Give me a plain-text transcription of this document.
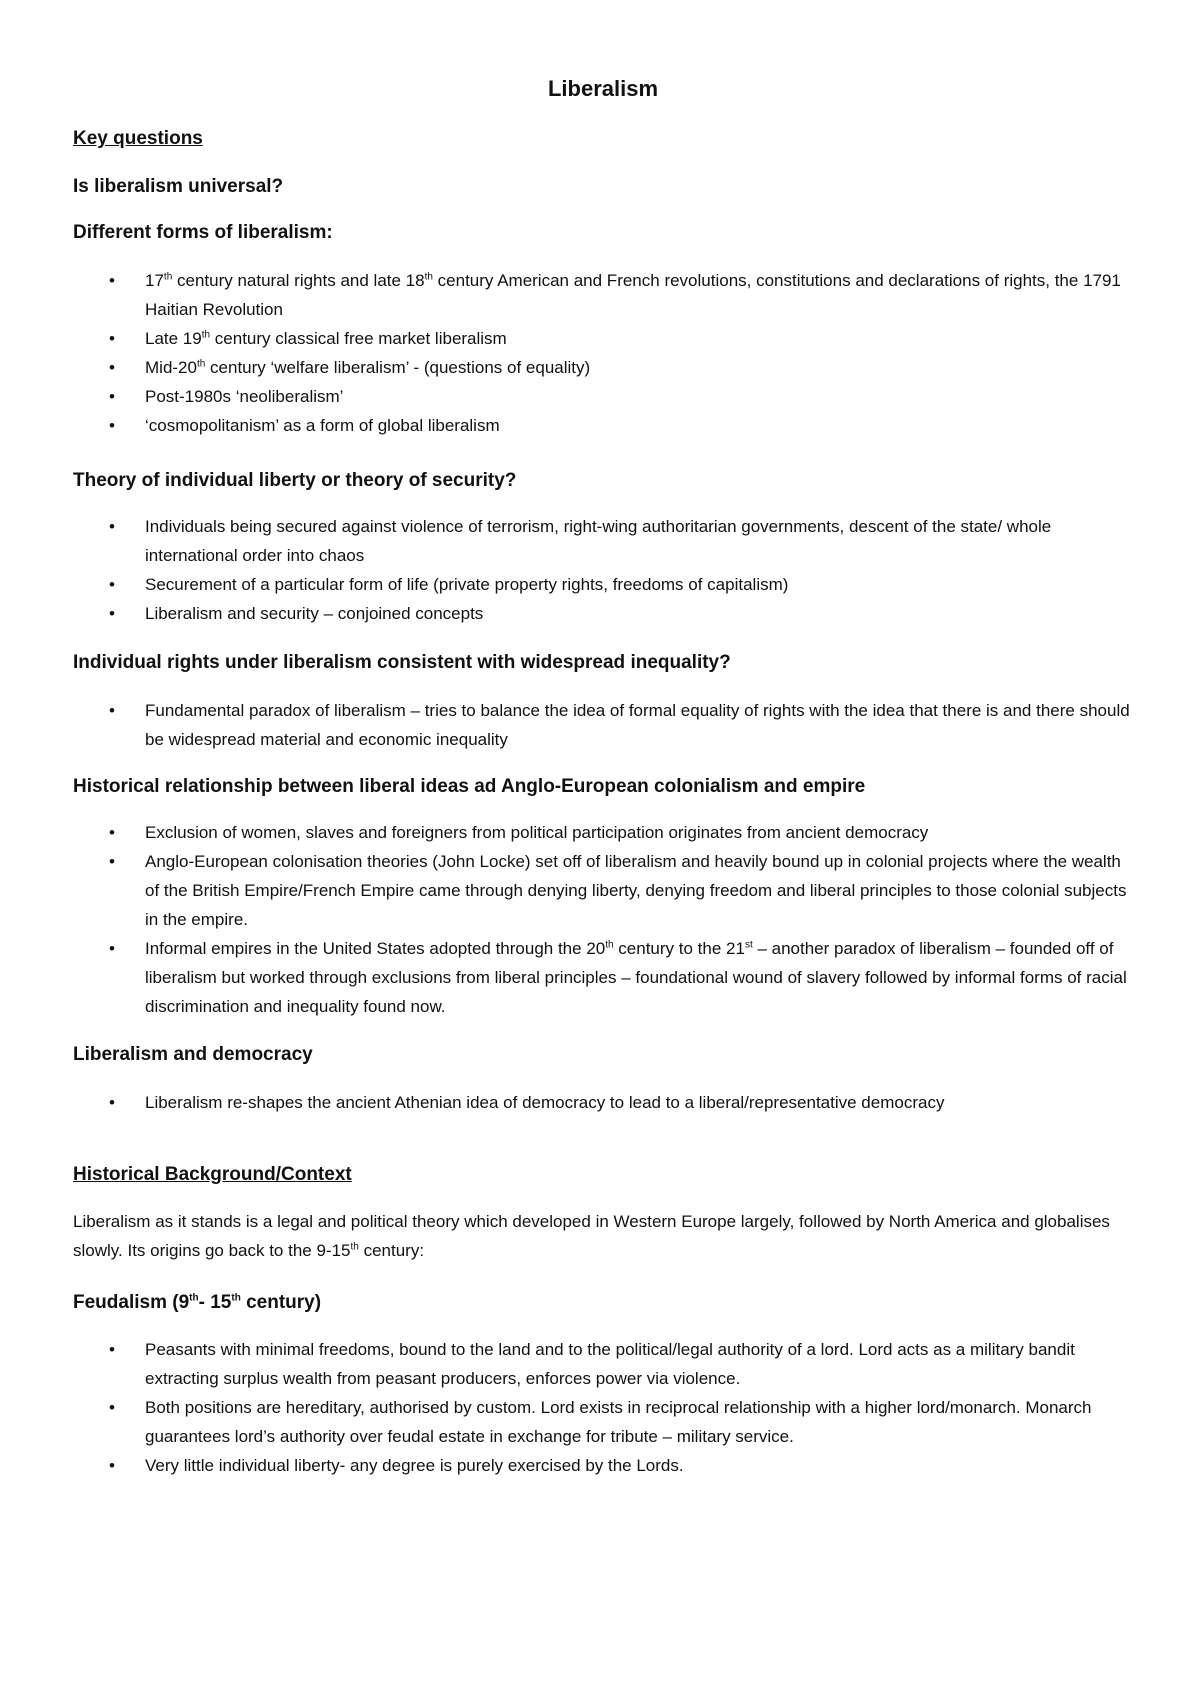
Liberalism
Key questions
Is liberalism universal?
Different forms of liberalism:
• 17th century natural rights and late 18th century American and French revolutions, constitutions and declarations of rights, the 1791 Haitian Revolution
• Late 19th century classical free market liberalism
• Mid-20th century ‘welfare liberalism’ - (questions of equality)
• Post-1980s ‘neoliberalism’
• ‘cosmopolitanism’ as a form of global liberalism
Theory of individual liberty or theory of security?
• Individuals being secured against violence of terrorism, right-wing authoritarian governments, descent of the state/ whole international order into chaos
• Securement of a particular form of life (private property rights, freedoms of capitalism)
• Liberalism and security – conjoined concepts
Individual rights under liberalism consistent with widespread inequality?
• Fundamental paradox of liberalism – tries to balance the idea of formal equality of rights with the idea that there is and there should be widespread material and economic inequality
Historical relationship between liberal ideas ad Anglo-European colonialism and empire
• Exclusion of women, slaves and foreigners from political participation originates from ancient democracy
• Anglo-European colonisation theories (John Locke) set off of liberalism and heavily bound up in colonial projects where the wealth of the British Empire/French Empire came through denying liberty, denying freedom and liberal principles to those colonial subjects in the empire.
• Informal empires in the United States adopted through the 20th century to the 21st – another paradox of liberalism – founded off of liberalism but worked through exclusions from liberal principles – foundational wound of slavery followed by informal forms of racial discrimination and inequality found now.
Liberalism and democracy
• Liberalism re-shapes the ancient Athenian idea of democracy to lead to a liberal/representative democracy
Historical Background/Context
Liberalism as it stands is a legal and political theory which developed in Western Europe largely, followed by North America and globalises slowly. Its origins go back to the 9-15th century:
Feudalism (9th- 15th century)
• Peasants with minimal freedoms, bound to the land and to the political/legal authority of a lord. Lord acts as a military bandit extracting surplus wealth from peasant producers, enforces power via violence.
• Both positions are hereditary, authorised by custom. Lord exists in reciprocal relationship with a higher lord/monarch. Monarch guarantees lord’s authority over feudal estate in exchange for tribute – military service.
• Very little individual liberty- any degree is purely exercised by the Lords.
